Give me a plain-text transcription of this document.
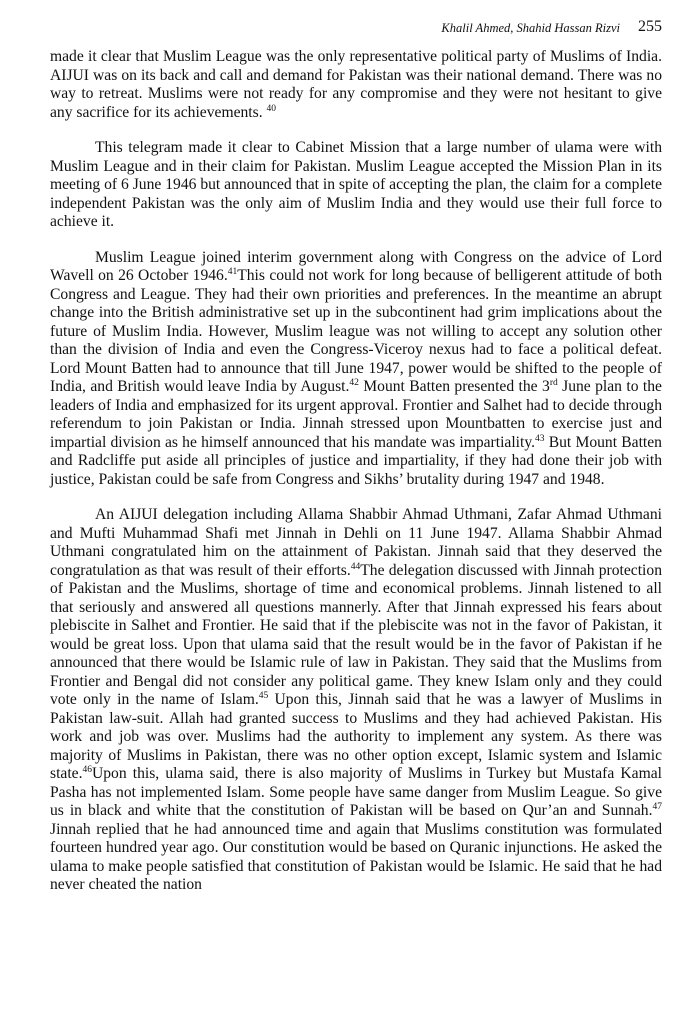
Khalil Ahmed, Shahid Hassan Rizvi 255

made it clear that Muslim League was the only representative political party of Muslims of India. AIJUI was on its back and call and demand for Pakistan was their national demand. There was no way to retreat. Muslims were not ready for any compromise and they were not hesitant to give any sacrifice for its achievements. $^{40}$

This telegram made it clear to Cabinet Mission that a large number of ulama were with Muslim League and in their claim for Pakistan. Muslim League accepted the Mission Plan in its meeting of 6 June 1946 but announced that in spite of accepting the plan, the claim for a complete independent Pakistan was the only aim of Muslim India and they would use their full force to achieve it.

Muslim League joined interim government along with Congress on the advice of Lord Wavell on 26 October 1946.41This could not work for long because of belligerent attitude of both Congress and League. They had their own priorities and preferences. In the meantime an abrupt change into the British administrative set up in the subcontinent had grim implications about the future of Muslim India. However, Muslim league was not willing to accept any solution other than the division of India and even the Congress-Viceroy nexus had to face a political defeat. Lord Mount Batten had to announce that till June 1947, power would be shifted to the people of India, and British would leave India by August.$^{42}$ Mount Batten presented the 3rd June plan to the leaders of India and emphasized for its urgent approval. Frontier and Salhet had to decide through referendum to join Pakistan or India. Jinnah stressed upon Mountbatten to exercise just and impartial division as he himself announced that his mandate was impartiality.$^{43}$ But Mount Batten and Radcliffe put aside all principles of justice and impartiality, if they had done their job with justice, Pakistan could be safe from Congress and Sikhs’ brutality during 1947 and 1948.

An AIJUI delegation including Allama Shabbir Ahmad Uthmani, Zafar Ahmad Uthmani and Mufti Muhammad Shafi met Jinnah in Dehli on 11 June 1947. Allama Shabbir Ahmad Uthmani congratulated him on the attainment of Pakistan. Jinnah said that they deserved the congratulation as that was result of their efforts.$^{44}$The delegation discussed with Jinnah protection of Pakistan and the Muslims, shortage of time and economical problems. Jinnah listened to all that seriously and answered all questions mannerly. After that Jinnah expressed his fears about plebiscite in Salhet and Frontier. He said that if the plebiscite was not in the favor of Pakistan, it would be great loss. Upon that ulama said that the result would be in the favor of Pakistan if he announced that there would be Islamic rule of law in Pakistan. They said that the Muslims from Frontier and Bengal did not consider any political game. They knew Islam only and they could vote only in the name of Islam.$^{45}$ Upon this, Jinnah said that he was a lawyer of Muslims in Pakistan law-suit. Allah had granted success to Muslims and they had achieved Pakistan. His work and job was over. Muslims had the authority to implement any system. As there was majority of Muslims in Pakistan, there was no other option except, Islamic system and Islamic state.$^{46}$Upon this, ulama said, there is also majority of Muslims in Turkey but Mustafa Kamal Pasha has not implemented Islam. Some people have same danger from Muslim League. So give us in black and white that the constitution of Pakistan will be based on Qur’an and Sunnah.$^{47}$ Jinnah replied that he had announced time and again that Muslims constitution was formulated fourteen hundred year ago. Our constitution would be based on Quranic injunctions. He asked the ulama to make people satisfied that constitution of Pakistan would be Islamic. He said that he had never cheated the nation
